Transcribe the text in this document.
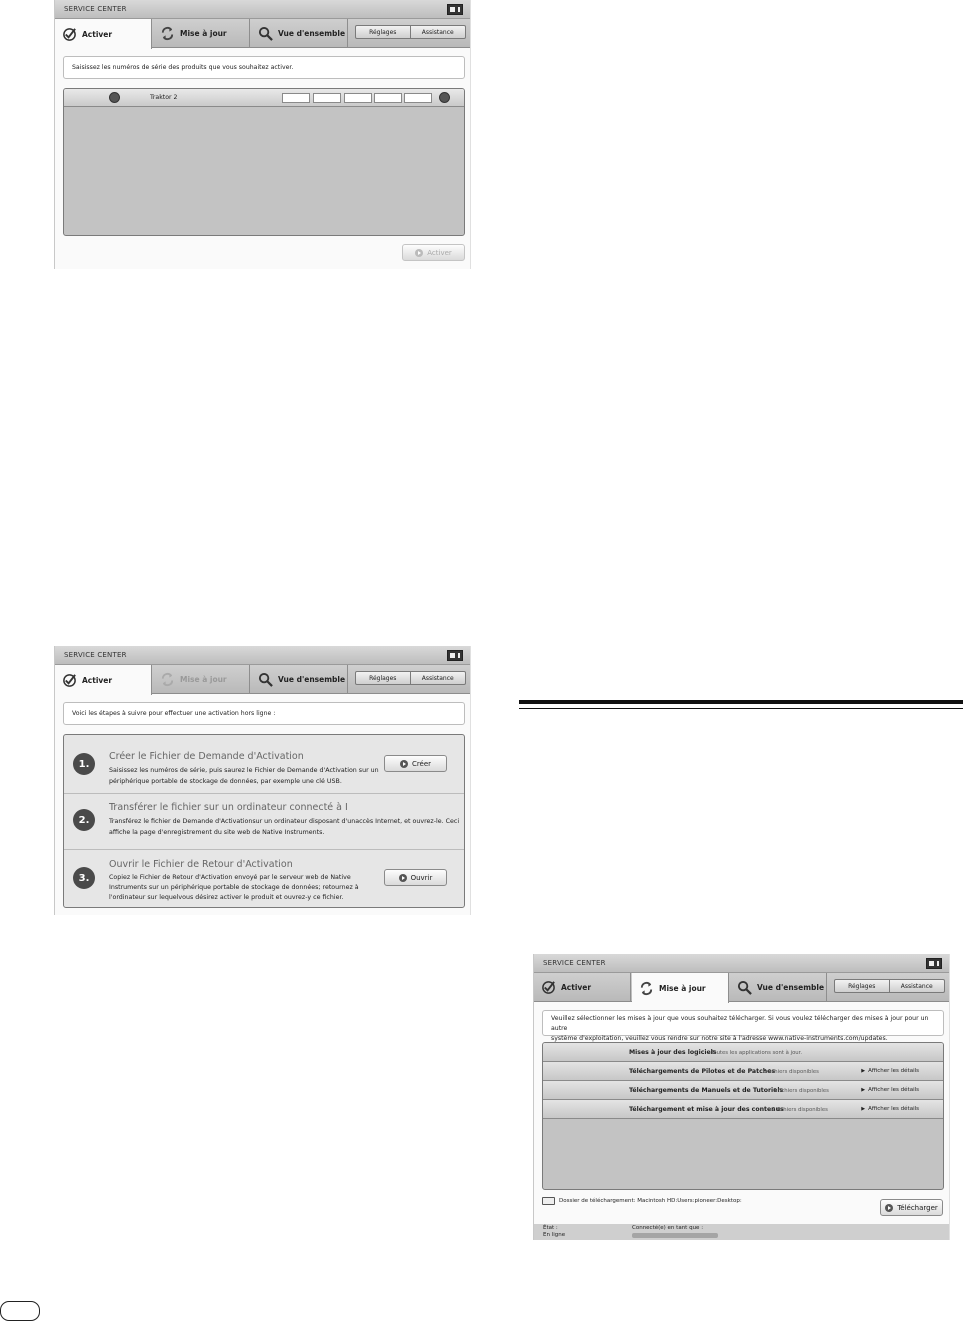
SERVICE CENTER
Activer	Mise à jour	Vue d'ensemble	Réglages	Assistance
Saisissez les numéros de série des produits que vous souhaitez activer.
Traktor 2
Activer
SERVICE CENTER
Activer	Mise à jour	Vue d'ensemble	Réglages	Assistance
Voici les étapes à suivre pour effectuer une activation hors ligne :
1.
Créer le Fichier de Demande d'Activation
Saisissez les numéros de série, puis saurez le Fichier de Demande d'Activation sur un
périphérique portable de stockage de données, par exemple une clé USB.
Créer
2.
Transférer le fichier sur un ordinateur connecté à I
Transférez le fichier de Demande d'Activationsur un ordinateur disposant d'unaccès Internet, et ouvrez-le. Ceci
affiche la page d'enregistrement du site web de Native Instruments.
3.
Ouvrir le Fichier de Retour d'Activation
Copiez le Fichier de Retour d'Activation envoyé par le serveur web de Native
Instruments sur un périphérique portable de stockage de données; retournez à
l'ordinateur sur lequelvous désirez activer le produit et ouvrez-y ce fichier.
Ouvrir
SERVICE CENTER
Activer	Mise à jour	Vue d'ensemble	Réglages	Assistance
Veuillez sélectionner les mises à jour que vous souhaitez télécharger. Si vous voulez télécharger des mises à jour pour un autre
système d'exploitation, veuillez vous rendre sur notre site à l'adresse www.native-instruments.com/updates.
Mises à jour des logiciels
Toutes les applications sont à jour.
Téléchargements de Pilotes et de Patches
6 fichiers disponibles	▶ Afficher les détails
Téléchargements de Manuels et de Tutoriels
6 fichiers disponibles	▶ Afficher les détails
Téléchargement et mise à jour des contenus
2 fichiers disponibles	▶ Afficher les détails
Dossier de téléchargement: Macintosh HD:Users:pioneer:Desktop:
Télécharger
État :
En ligne
Connecté(e) en tant que :
